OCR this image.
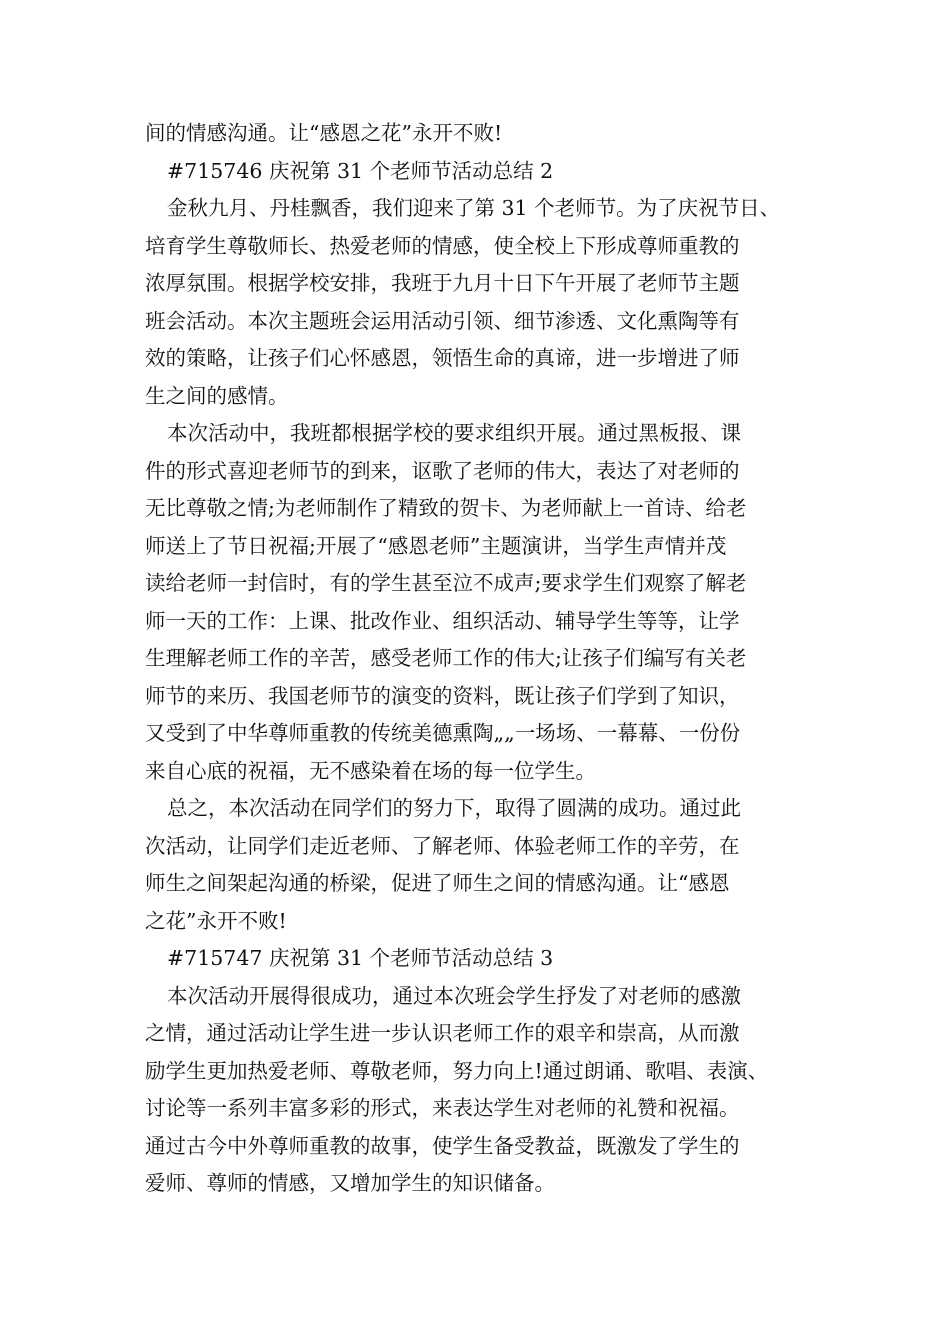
间的情感沟通。让“感恩之花”永开不败!
#715746 庆祝第 31 个老师节活动总结 2
金秋九月、丹桂飘香，我们迎来了第 31 个老师节。为了庆祝节日、
培育学生尊敬师长、热爱老师的情感，使全校上下形成尊师重教的
浓厚氛围。根据学校安排，我班于九月十日下午开展了老师节主题
班会活动。本次主题班会运用活动引领、细节渗透、文化熏陶等有
效的策略，让孩子们心怀感恩，领悟生命的真谛，进一步增进了师
生之间的感情。
本次活动中，我班都根据学校的要求组织开展。通过黑板报、课
件的形式喜迎老师节的到来，讴歌了老师的伟大，表达了对老师的
无比尊敬之情;为老师制作了精致的贺卡、为老师献上一首诗、给老
师送上了节日祝福;开展了“感恩老师”主题演讲，当学生声情并茂
读给老师一封信时，有的学生甚至泣不成声;要求学生们观察了解老
师一天的工作：上课、批改作业、组织活动、辅导学生等等，让学
生理解老师工作的辛苦，感受老师工作的伟大;让孩子们编写有关老
师节的来历、我国老师节的演变的资料，既让孩子们学到了知识，
又受到了中华尊师重教的传统美德熏陶„„一场场、一幕幕、一份份
来自心底的祝福，无不感染着在场的每一位学生。
总之，本次活动在同学们的努力下，取得了圆满的成功。通过此
次活动，让同学们走近老师、了解老师、体验老师工作的辛劳，在
师生之间架起沟通的桥梁，促进了师生之间的情感沟通。让“感恩
之花”永开不败!
#715747 庆祝第 31 个老师节活动总结 3
本次活动开展得很成功，通过本次班会学生抒发了对老师的感激
之情，通过活动让学生进一步认识老师工作的艰辛和崇高，从而激
励学生更加热爱老师、尊敬老师，努力向上!通过朗诵、歌唱、表演、
讨论等一系列丰富多彩的形式，来表达学生对老师的礼赞和祝福。
通过古今中外尊师重教的故事，使学生备受教益，既激发了学生的
爱师、尊师的情感，又增加学生的知识储备。
